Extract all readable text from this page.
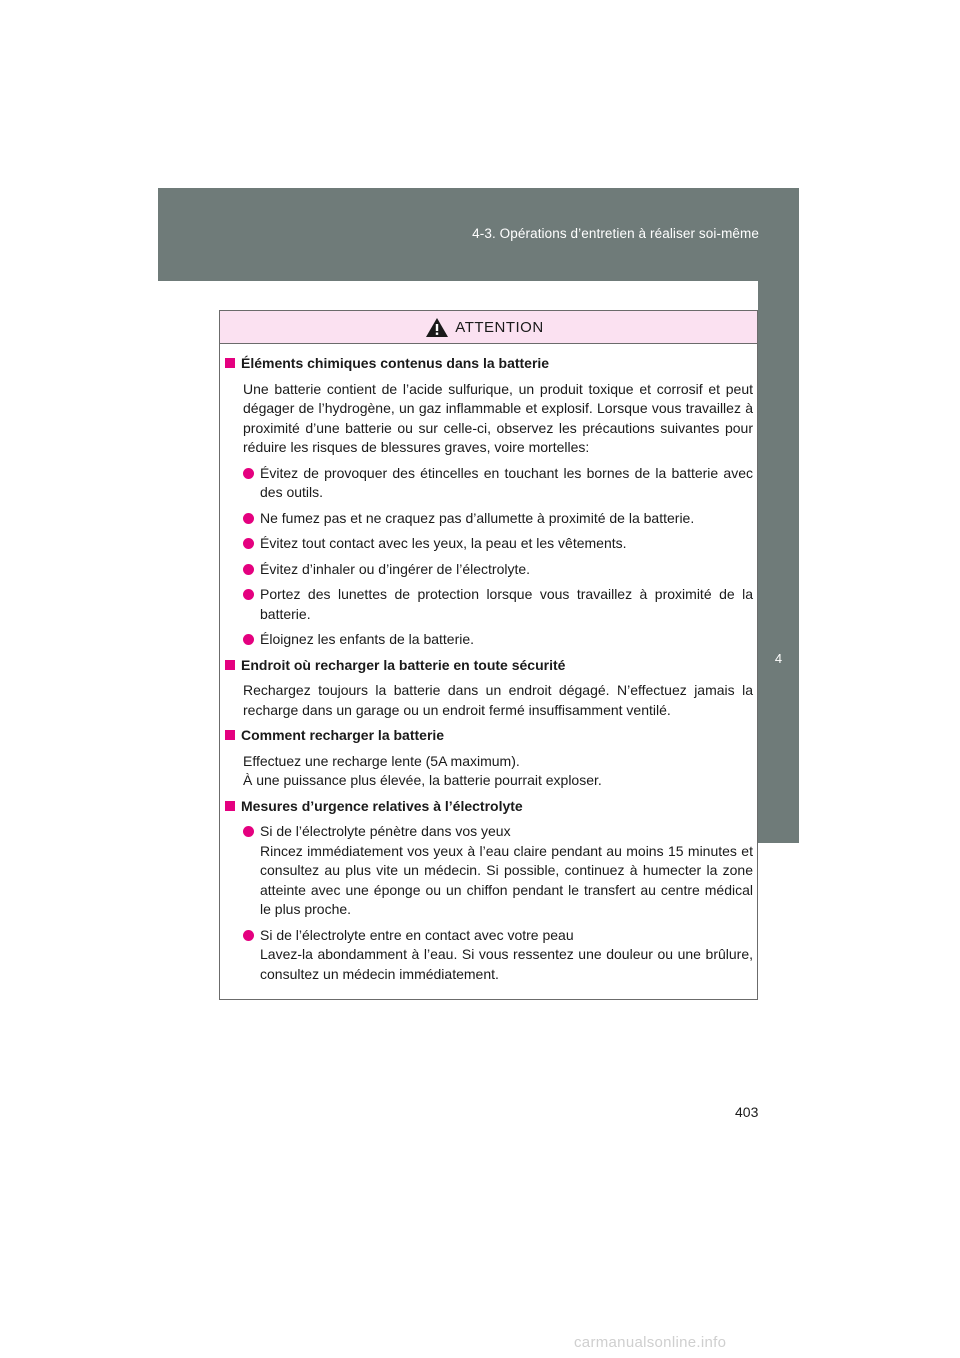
4-3. Opérations d’entretien à réaliser soi-même
4
Entretien et soins
ATTENTION
Éléments chimiques contenus dans la batterie
Une batterie contient de l’acide sulfurique, un produit toxique et corrosif et peut dégager de l’hydrogène, un gaz inflammable et explosif. Lorsque vous travaillez à proximité d’une batterie ou sur celle-ci, observez les précautions suivantes pour réduire les risques de blessures graves, voire mortelles:
Évitez de provoquer des étincelles en touchant les bornes de la batterie avec des outils.
Ne fumez pas et ne craquez pas d’allumette à proximité de la batterie.
Évitez tout contact avec les yeux, la peau et les vêtements.
Évitez d’inhaler ou d’ingérer de l’électrolyte.
Portez des lunettes de protection lorsque vous travaillez à proximité de la batterie.
Éloignez les enfants de la batterie.
Endroit où recharger la batterie en toute sécurité
Rechargez toujours la batterie dans un endroit dégagé. N’effectuez jamais la recharge dans un garage ou un endroit fermé insuffisamment ventilé.
Comment recharger la batterie
Effectuez une recharge lente (5A maximum).
À une puissance plus élevée, la batterie pourrait exploser.
Mesures d’urgence relatives à l’électrolyte
Si de l’électrolyte pénètre dans vos yeux
Rincez immédiatement vos yeux à l’eau claire pendant au moins 15 minutes et consultez au plus vite un médecin. Si possible, continuez à humecter la zone atteinte avec une éponge ou un chiffon pendant le transfert au centre médical le plus proche.
Si de l’électrolyte entre en contact avec votre peau
Lavez-la abondamment à l’eau. Si vous ressentez une douleur ou une brûlure, consultez un médecin immédiatement.
403
carmanualsonline.info
